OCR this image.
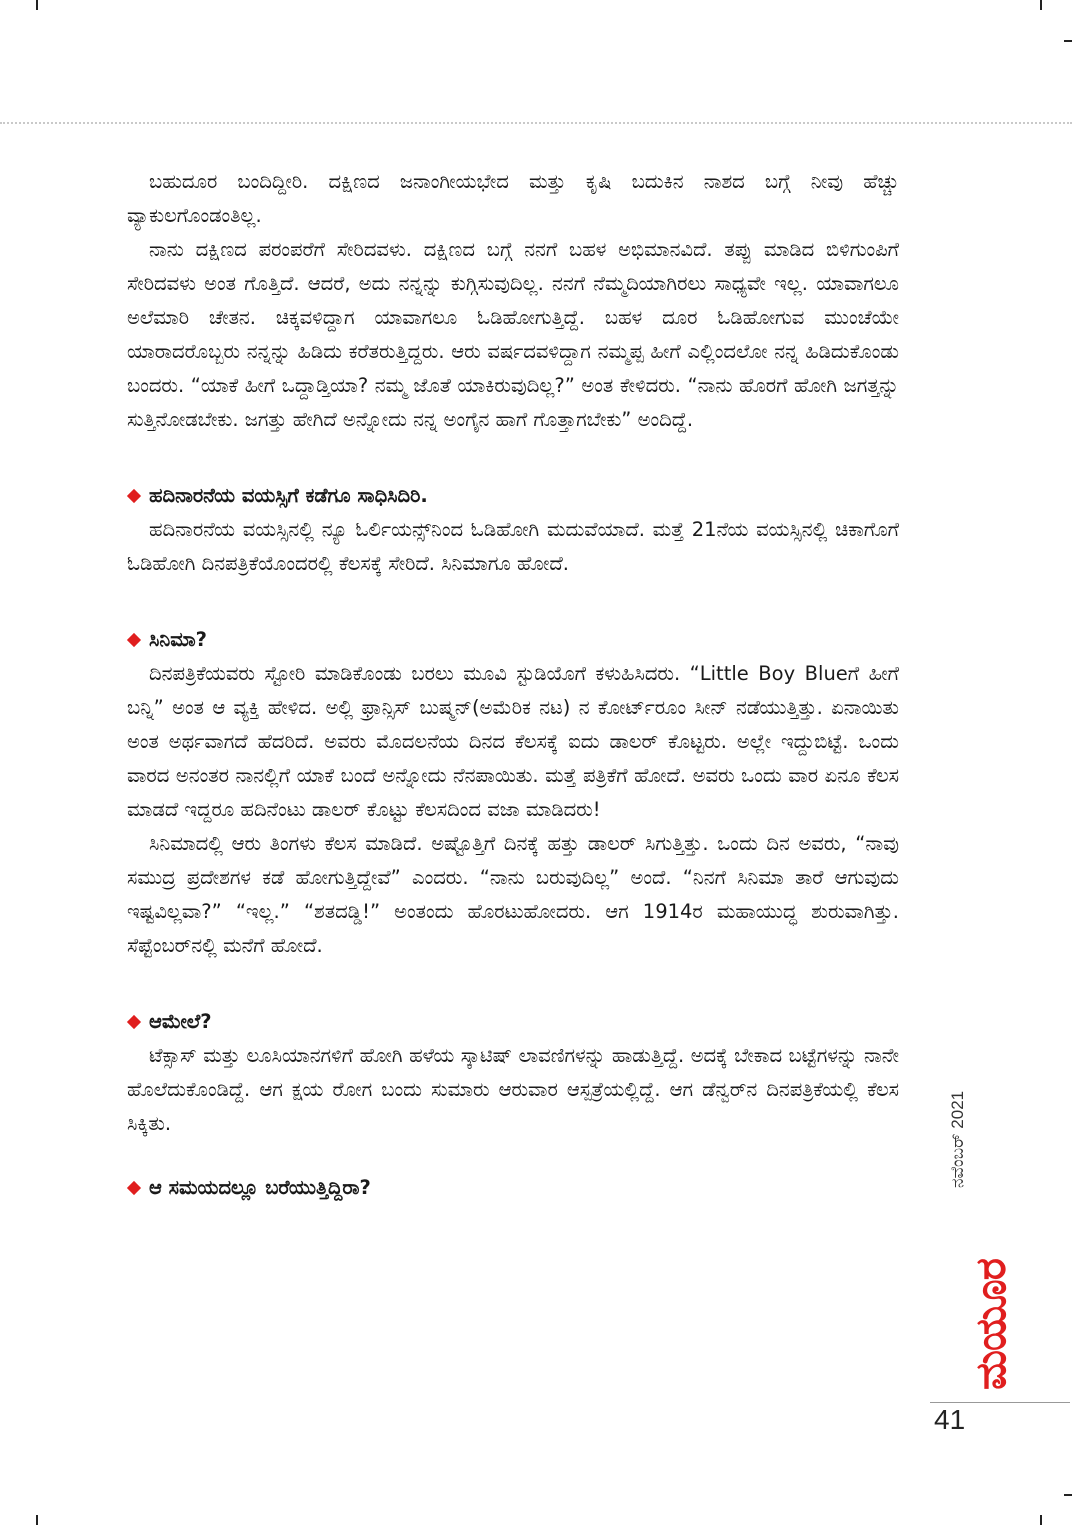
ಬಹುದೂರ ಬಂದಿದ್ದೀರಿ. ದಕ್ಷಿಣದ ಜನಾಂಗೀಯಭೇದ ಮತ್ತು ಕೃಷಿ ಬದುಕಿನ ನಾಶದ ಬಗ್ಗೆ ನೀವು ಹೆಚ್ಚು ವ್ಯಾಕುಲಗೊಂಡಂತಿಲ್ಲ.

ನಾನು ದಕ್ಷಿಣದ ಪರಂಪರೆಗೆ ಸೇರಿದವಳು. ದಕ್ಷಿಣದ ಬಗ್ಗೆ ನನಗೆ ಬಹಳ ಅಭಿಮಾನವಿದೆ. ತಪ್ಪು ಮಾಡಿದ ಬಿಳಿಗುಂಪಿಗೆ ಸೇರಿದವಳು ಅಂತ ಗೊತ್ತಿದೆ. ಆದರೆ, ಅದು ನನ್ನನ್ನು ಕುಗ್ಗಿಸುವುದಿಲ್ಲ. ನನಗೆ ನೆಮ್ಮದಿಯಾಗಿರಲು ಸಾಧ್ಯವೇ ಇಲ್ಲ. ಯಾವಾಗಲೂ ಅಲೆಮಾರಿ ಚೇತನ. ಚಿಕ್ಕವಳಿದ್ದಾಗ ಯಾವಾಗಲೂ ಓಡಿಹೋಗುತ್ತಿದ್ದೆ. ಬಹಳ ದೂರ ಓಡಿಹೋಗುವ ಮುಂಚೆಯೇ ಯಾರಾದರೊಬ್ಬರು ನನ್ನನ್ನು ಹಿಡಿದು ಕರೆತರುತ್ತಿದ್ದರು. ಆರು ವರ್ಷದವಳಿದ್ದಾಗ ನಮ್ಮಪ್ಪ ಹೀಗೆ ಎಲ್ಲಿಂದಲೋ ನನ್ನ ಹಿಡಿದುಕೊಂಡು ಬಂದರು. “ಯಾಕೆ ಹೀಗೆ ಒದ್ದಾಡ್ತಿಯಾ? ನಮ್ಮ ಜೊತೆ ಯಾಕಿರುವುದಿಲ್ಲ?” ಅಂತ ಕೇಳಿದರು. “ನಾನು ಹೊರಗೆ ಹೋಗಿ ಜಗತ್ತನ್ನು ಸುತ್ತಿನೋಡಬೇಕು. ಜಗತ್ತು ಹೇಗಿದೆ ಅನ್ನೋದು ನನ್ನ ಅಂಗೈನ ಹಾಗೆ ಗೊತ್ತಾಗಬೇಕು” ಅಂದಿದ್ದೆ.

ಹದಿನಾರನೆಯ ವಯಸ್ಸಿಗೆ ಕಡೆಗೂ ಸಾಧಿಸಿದಿರಿ.

ಹದಿನಾರನೆಯ ವಯಸ್ಸಿನಲ್ಲಿ ನ್ಯೂ ಓರ್ಲಿಯನ್ಸ್‌ನಿಂದ ಓಡಿಹೋಗಿ ಮದುವೆಯಾದೆ. ಮತ್ತೆ 21ನೆಯ ವಯಸ್ಸಿನಲ್ಲಿ ಚಿಕಾಗೊಗೆ ಓಡಿಹೋಗಿ ದಿನಪತ್ರಿಕೆಯೊಂದರಲ್ಲಿ ಕೆಲಸಕ್ಕೆ ಸೇರಿದೆ. ಸಿನಿಮಾಗೂ ಹೋದೆ.

ಸಿನಿಮಾ?

ದಿನಪತ್ರಿಕೆಯವರು ಸ್ಟೋರಿ ಮಾಡಿಕೊಂಡು ಬರಲು ಮೂವಿ ಸ್ಟುಡಿಯೊಗೆ ಕಳುಹಿಸಿದರು. “Little Boy Blueಗೆ ಹೀಗೆ ಬನ್ನಿ” ಅಂತ ಆ ವ್ಯಕ್ತಿ ಹೇಳಿದ. ಅಲ್ಲಿ ಫ್ರಾನ್ಸಿಸ್ ಬುಷ್ಮನ್(ಅಮೆರಿಕ ನಟ) ನ ಕೋರ್ಟ್‌ರೂಂ ಸೀನ್ ನಡೆಯುತ್ತಿತ್ತು. ಏನಾಯಿತು ಅಂತ ಅರ್ಥವಾಗದೆ ಹೆದರಿದೆ. ಅವರು ಮೊದಲನೆಯ ದಿನದ ಕೆಲಸಕ್ಕೆ ಐದು ಡಾಲರ್ ಕೊಟ್ಟರು. ಅಲ್ಲೇ ಇದ್ದುಬಿಟ್ಟೆ. ಒಂದು ವಾರದ ಅನಂತರ ನಾನಲ್ಲಿಗೆ ಯಾಕೆ ಬಂದೆ ಅನ್ನೋದು ನೆನಪಾಯಿತು. ಮತ್ತೆ ಪತ್ರಿಕೆಗೆ ಹೋದೆ. ಅವರು ಒಂದು ವಾರ ಏನೂ ಕೆಲಸ ಮಾಡದೆ ಇದ್ದರೂ ಹದಿನೆಂಟು ಡಾಲರ್ ಕೊಟ್ಟು ಕೆಲಸದಿಂದ ವಜಾ ಮಾಡಿದರು!

ಸಿನಿಮಾದಲ್ಲಿ ಆರು ತಿಂಗಳು ಕೆಲಸ ಮಾಡಿದೆ. ಅಷ್ಟೊತ್ತಿಗೆ ದಿನಕ್ಕೆ ಹತ್ತು ಡಾಲರ್ ಸಿಗುತ್ತಿತ್ತು. ಒಂದು ದಿನ ಅವರು, “ನಾವು ಸಮುದ್ರ ಪ್ರದೇಶಗಳ ಕಡೆ ಹೋಗುತ್ತಿದ್ದೇವೆ” ಎಂದರು. “ನಾನು ಬರುವುದಿಲ್ಲ” ಅಂದೆ. “ನಿನಗೆ ಸಿನಿಮಾ ತಾರೆ ಆಗುವುದು ಇಷ್ಟವಿಲ್ಲವಾ?” “ಇಲ್ಲ.” “ಶತದಡ್ಡಿ!” ಅಂತಂದು ಹೊರಟುಹೋದರು. ಆಗ 1914ರ ಮಹಾಯುದ್ಧ ಶುರುವಾಗಿತ್ತು. ಸೆಪ್ಟೆಂಬರ್‌ನಲ್ಲಿ ಮನೆಗೆ ಹೋದೆ.

ಆಮೇಲೆ?

ಟೆಕ್ಸಾಸ್ ಮತ್ತು ಲೂಸಿಯಾನಗಳಿಗೆ ಹೋಗಿ ಹಳೆಯ ಸ್ಕಾಟಿಷ್ ಲಾವಣಿಗಳನ್ನು ಹಾಡುತ್ತಿದ್ದೆ. ಅದಕ್ಕೆ ಬೇಕಾದ ಬಟ್ಟೆಗಳನ್ನು ನಾನೇ ಹೊಲೆದುಕೊಂಡಿದ್ದೆ. ಆಗ ಕ್ಷಯ ರೋಗ ಬಂದು ಸುಮಾರು ಆರುವಾರ ಆಸ್ಪತ್ರೆಯಲ್ಲಿದ್ದೆ. ಆಗ ಡೆನ್ವರ್‌ನ ದಿನಪತ್ರಿಕೆಯಲ್ಲಿ ಕೆಲಸ ಸಿಕ್ಕಿತು.

ಆ ಸಮಯದಲ್ಲೂ ಬರೆಯುತ್ತಿದ್ದಿರಾ?	ನವೆಂಬರ್ 2021
ಮಯೂರ
41
